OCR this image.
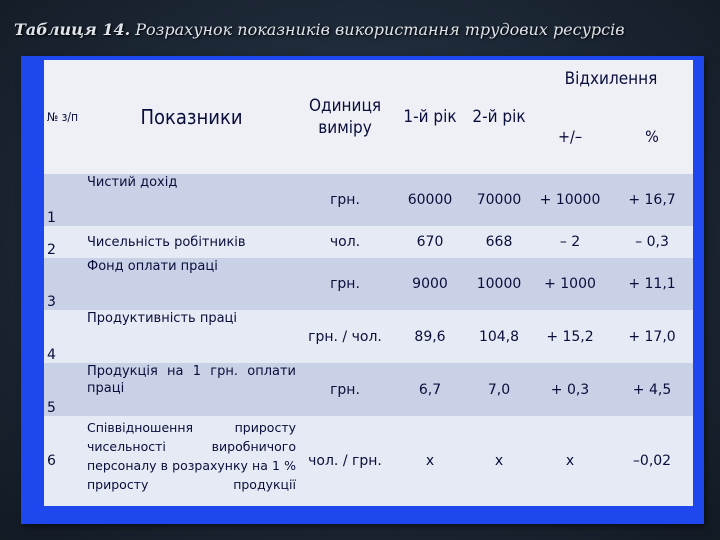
Таблиця 14. Розрахунок показників використання трудових ресурсів
№ з/п	Показники	Одиниця виміру	1-й рік	2-й рік	Відхилення	
					+/–	%
1	Чистий дохід	грн.	60000	70000	+ 10000	+ 16,7
2	Чисельність робітників	чол.	670	668	– 2	– 0,3
3	Фонд оплати праці	грн.	9000	10000	+ 1000	+ 11,1
4	Продуктивність праці	грн. / чол.	89,6	104,8	+ 15,2	+ 17,0
5	Продукція на 1 грн. оплати праці	грн.	6,7	7,0	+ 0,3	+ 4,5
6	Співвідношення приросту чисельності виробничого персоналу в розрахунку на 1 % приросту продукції	чол. / грн.	х	х	х	–0,02
